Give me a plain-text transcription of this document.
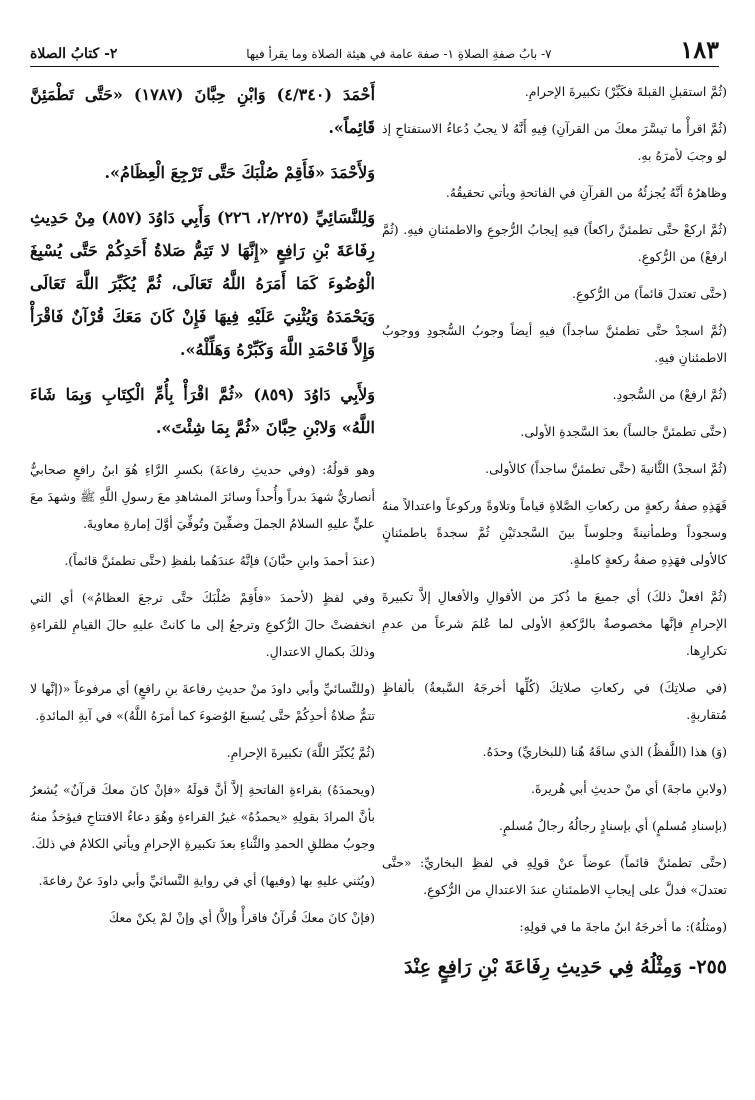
١٨٣
٧- بابُ صفةِ الصلاةِ ١- صفة عامة في هيئة الصلاة وما يقرأ فيها
٢- كتابُ الصلاة

(ثُمَّ استقبلِ القبلةَ فكَبِّرْ) تكبيرةَ الإحرامِ.

(ثُمَّ اقرأْ ما تيسَّرَ معكَ من القرآنِ) فِيهِ أَنَّهُ لا يجبُ دُعاءُ الاستفتاحِ إذ لو وجبَ لأمرَهُ بهِ.

وظاهرُهُ أنَّهُ يُجزئُهُ من القرآنِ في الفاتحةِ ويأتي تحقيقُهُ.

(ثُمَّ اركعْ حتَّى تطمئنَّ راكعاً) فيهِ إيجابُ الرُّجوعِ والاطمئنانِ فيهِ. (ثُمَّ ارفعْ) من الرُّكوعِ.

(حتَّى تعتدلَ قائماً) من الرُّكوعِ.

(ثُمَّ اسجدْ حتَّى تطمئنَّ ساجداً) فيهِ أيضاً وجوبُ السُّجودِ ووجوبُ الاطمئنانِ فيهِ.

(ثُمَّ ارفعْ) من السُّجودِ.

(حتَّى تطمئنَّ جالساً) بعدَ السَّجدةِ الأولى.

(ثُمَّ اسجدْ) الثَّانيةَ (حتَّى تطمئنَّ ساجداً) كالأولى.

فَهَذِهِ صفةُ ركعةٍ من ركعاتِ الصَّلاةِ قياماً وتلاوةً وركوعاً واعتدالاً منهُ وسجوداً وطمأنينةً وجلوساً بينَ السَّجدتَيْنِ ثُمَّ سجدةً باطمئنانٍ كالأولى فهَذِهِ صفةُ ركعةٍ كاملةٍ.

(ثُمَّ افعلْ ذلكَ) أي جميعَ ما ذُكرَ من الأقوالِ والأفعالِ إلاَّ تكبيرةَ الإحرامِ فإنَّها مخصوصةٌ بالرَّكعةِ الأولى لما عُلمَ شرعاً من عدمِ تكرارِها.

(في صلاتِكَ) في ركعاتِ صلاتِكَ (كُلِّها أخرجَهُ السَّبعةُ) بألفاظٍ مُتقاربةٍ.

(وَ) هذا (اللَّفظُ) الذي ساقَهُ هُنا (للبخاريِّ) وحدَهُ.

(ولابنِ ماجةَ) أي منْ حديثِ أبي هُريرةَ.

(بإسنادِ مُسلمٍ) أي بإسنادٍ رجالُهُ رجالُ مُسلمٍ.

(حتَّى تطمئنَّ قائماً) عوضاً عنْ قولِهِ في لفظِ البخاريِّ: «حتَّى تعتدلَ» فدلَّ على إيجابِ الاطمئنانِ عندَ الاعتدالِ من الرُّكوعِ.

(ومثلُهُ): ما أخرجَهُ ابنُ ماجةَ ما في قولِهِ:

٢٥٥- وَمِثْلُهُ فِي حَدِيثِ رِفَاعَةَ بْنِ رَافِعٍ عِنْدَ

أَحْمَدَ (٤/٣٤٠) وَابْنِ حِبَّانَ (١٧٨٧) «حَتَّى تَطْمَئِنَّ قَائِماً».

وَلأَحْمَدَ «فَأَقِمْ صُلْبَكَ حَتَّى تَرْجِعَ الْعِظَامُ».

وَلِلنَّسَائِيِّ (٢/٢٢٥، ٢٢٦) وَأَبِي دَاوُدَ (٨٥٧) مِنْ حَدِيثِ رِفَاعَةَ بْنِ رَافِعٍ «إِنَّهَا لا تَتِمُّ صَلاةُ أَحَدِكُمْ حَتَّى يُسْبِغَ الْوُضُوءَ كَمَا أَمَرَهُ اللَّهُ تَعَالَى، ثُمَّ يُكَبِّرَ اللَّهَ تَعَالَى وَيَحْمَدَهُ وَيُثْنِيَ عَلَيْهِ فِيهَا فَإِنْ كَانَ مَعَكَ قُرْآنٌ فَاقْرَأْ وَإِلاَّ فَاحْمَدِ اللَّهَ وَكَبِّرْهُ وَهَلِّلْهُ».

وَلأَبِي دَاوُدَ (٨٥٩) «ثُمَّ اقْرَأْ بِأُمِّ الْكِتَابِ وَبِمَا شَاءَ اللَّهُ» وَلابْنِ حِبَّانَ «ثُمَّ بِمَا شِئْتَ».

وهو قولُهُ: (وفي حديثِ رفاعةَ) بكسرِ الرَّاءِ هُوَ ابنُ رافعٍ صحابيٌّ أنصاريٌّ شهدَ بدراً وأُحداً وسائرَ المشاهدِ معَ رسولِ اللَّهِ ﷺ وشهدَ معَ عليٍّ عليهِ السلامُ الجملَ وصفِّينَ وتُوفِّيَ أوَّلَ إمارةِ معاويةَ.

(عندَ أحمدَ وابنِ حبَّانَ) فإنَّهُ عندَهُما بلفظِ (حتَّى تطمئنَّ قائماً).

وفي لفظٍ (لأحمدَ «فأَقِمْ صُلْبَكَ حتَّى ترجعَ العظامُ») أي التي انخفضتْ حالَ الرُّكوعِ وترجعُ إلى ما كانتْ عليهِ حالَ القيامِ للقراءةِ وذلكَ بكمالِ الاعتدالِ.

(وللنَّسائيِّ وأبي داودَ منْ حديثِ رفاعةَ بنِ رافعٍ) أي مرفوعاً «(إنَّها لا تتمُّ صلاةُ أحدِكُمْ حتَّى يُسبغَ الوُضوءَ كما أمرَهُ اللَّهُ)» في آيةِ المائدةِ.

(ثُمَّ يُكبِّرَ اللَّهَ) تكبيرةَ الإحرامِ.

(ويحمدَهُ) بقراءةِ الفاتحةِ إلاَّ أنَّ قولَهُ «فإنْ كانَ معكَ قرآنٌ» يُشعرُ بأنَّ المرادَ بقولِهِ «يحمدُهُ» غيرُ القراءةِ وهُوَ دعاءُ الافتتاحِ فيؤخذُ منهُ وجوبُ مطلقِ الحمدِ والثَّناءِ بعدَ تكبيرةِ الإحرامِ ويأتي الكلامُ في ذلكَ.

(ويُثني عليهِ بها (وفيها) أي في روايةِ النَّسائيِّ وأبي داودَ عنْ رفاعةَ.

(فإنْ كانَ معكَ قُرآنٌ فاقرأْ وإلاَّ) أي وإنْ لمْ يكنْ معكَ
